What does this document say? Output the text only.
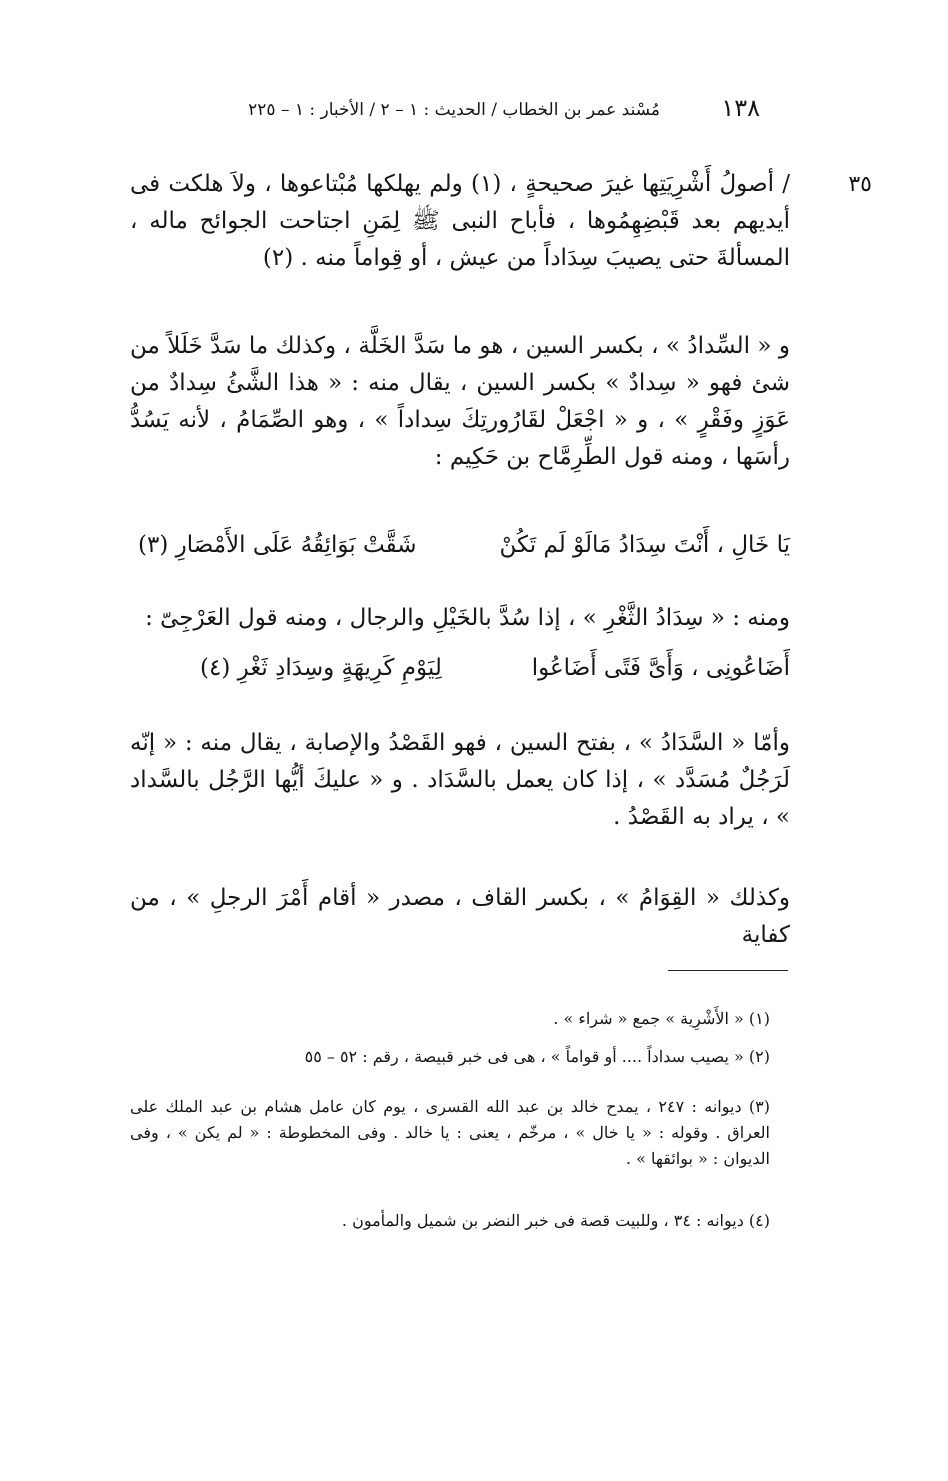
مُسْند عمر بن الخطاب / الحديث : ١ – ٢ / الأخبار : ١ – ٢٢٥	١٣٨
٣٥

/ أصولُ أَشْرِيَتِها غيرَ صحيحةٍ ، (١) ولم يهلكها مُبْتاعوها ، ولاَ هلكت فى أيديهم بعد قَبْضِهِمُوها ، فأباح النبى ﷺ لِمَنِ اجتاحت الجوائح ماله ، المسألةَ حتى يصيبَ سِدَاداً من عيش ، أو قِواماً منه . (٢)

و « السِّدادُ » ، بكسر السين ، هو ما سَدَّ الخَلَّة ، وكذلك ما سَدَّ خَلَلاً من شئ فهو « سِدادٌ » بكسر السين ، يقال منه : « هذا الشَّئُ سِدادٌ من عَوَزٍ وفَقْرٍ » ، و « اجْعَلْ لقَارُورتِكَ سِداداً » ، وهو الصِّمَامُ ، لأنه يَسُدُّ رأسَها ، ومنه قول الطِّرِمَّاح بن حَكِيم :

يَا خَالِ ، أَنْتَ سِدَادُ مَالَوْ لَم تَكُنْ
شَقَّتْ بَوَائِقُهُ عَلَى الأَمْصَارِ (٣)

ومنه : « سِدَادُ الثَّغْرِ » ، إذا سُدَّ بالخَيْلِ والرجال ، ومنه قول العَرْجِىّ :

أَضَاعُونِى ، وَأَىَّ فَتًى أَضَاعُوا
لِيَوْمِ كَرِيهَةٍ وسِدَادِ ثَغْرِ (٤)

وأمّا « السَّدَادُ » ، بفتح السين ، فهو القَصْدُ والإصابة ، يقال منه : « إنّه لَرَجُلٌ مُسَدَّد » ، إذا كان يعمل بالسَّدَاد . و « عليكَ أيُّها الرَّجُل بالسَّداد » ، يراد به القَصْدُ .

وكذلك « القِوَامُ » ، بكسر القاف ، مصدر « أقام أَمْرَ الرجلِ » ، من كفاية

(١) « الأَشْرِية » جمع « شراء » .

(٢) « يصيب سداداً .... أو قواماً » ، هى فى خبر قبيصة ، رقم : ٥٢ – ٥٥

(٣) ديوانه : ٢٤٧ ، يمدح خالد بن عبد الله القسرى ، يوم كان عامل هشام بن عبد الملك على العراق . وقوله : « يا خال » ، مرخّم ، يعنى : يا خالد . وفى المخطوطة : « لم يكن » ، وفى الديوان : « بوائقها » .

(٤) ديوانه : ٣٤ ، وللبيت قصة فى خبر النضر بن شميل والمأمون .
